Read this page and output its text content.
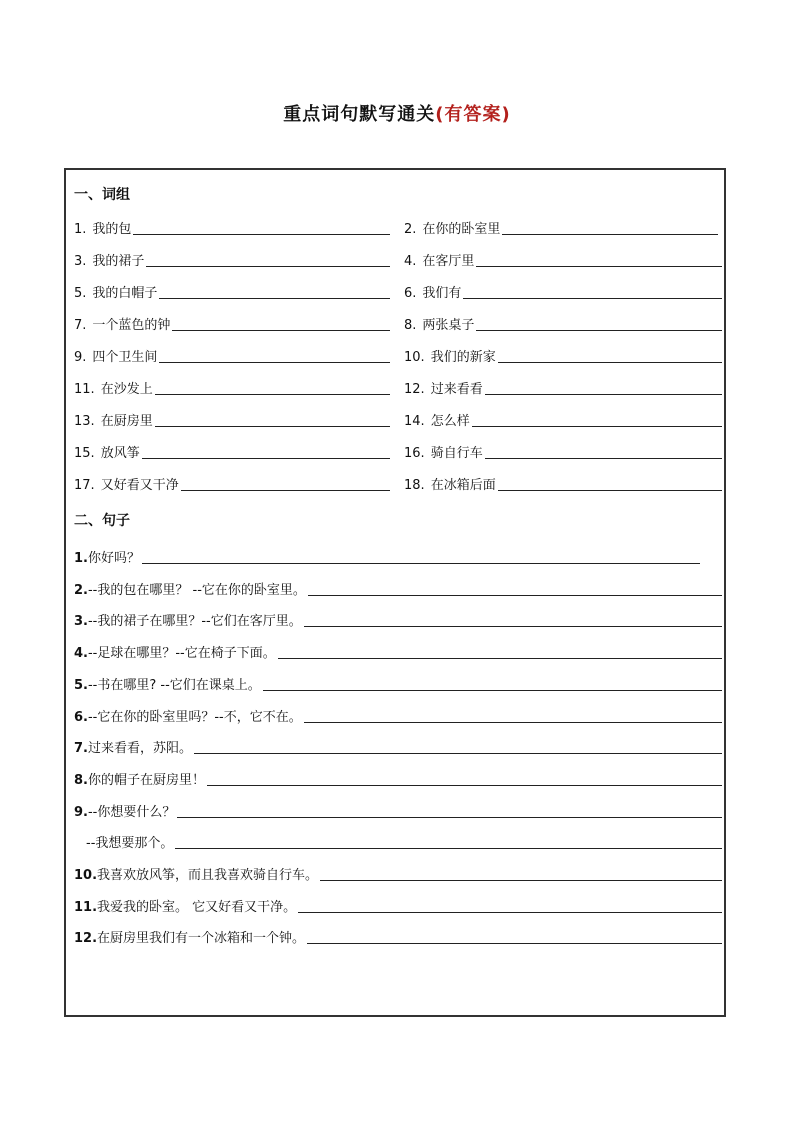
重点词句默写通关(有答案)
一、词组
1. 我的包	2. 在你的卧室里
3. 我的裙子	4. 在客厅里
5. 我的白帽子	6. 我们有
7. 一个蓝色的钟	8. 两张桌子
9. 四个卫生间	10. 我们的新家
11. 在沙发上	12. 过来看看
13. 在厨房里	14. 怎么样
15. 放风筝	16. 骑自行车
17. 又好看又干净	18. 在冰箱后面
二、句子
1. 你好吗？
2. --我的包在哪里？ --它在你的卧室里。
3. --我的裙子在哪里？--它们在客厅里。
4. --足球在哪里？--它在椅子下面。
5. --书在哪里? --它们在课桌上。
6. --它在你的卧室里吗？--不，它不在。
7. 过来看看，苏阳。
8. 你的帽子在厨房里！
9. --你想要什么？
--我想要那个。
10. 我喜欢放风筝，而且我喜欢骑自行车。
11. 我爱我的卧室。 它又好看又干净。
12. 在厨房里我们有一个冰箱和一个钟。
